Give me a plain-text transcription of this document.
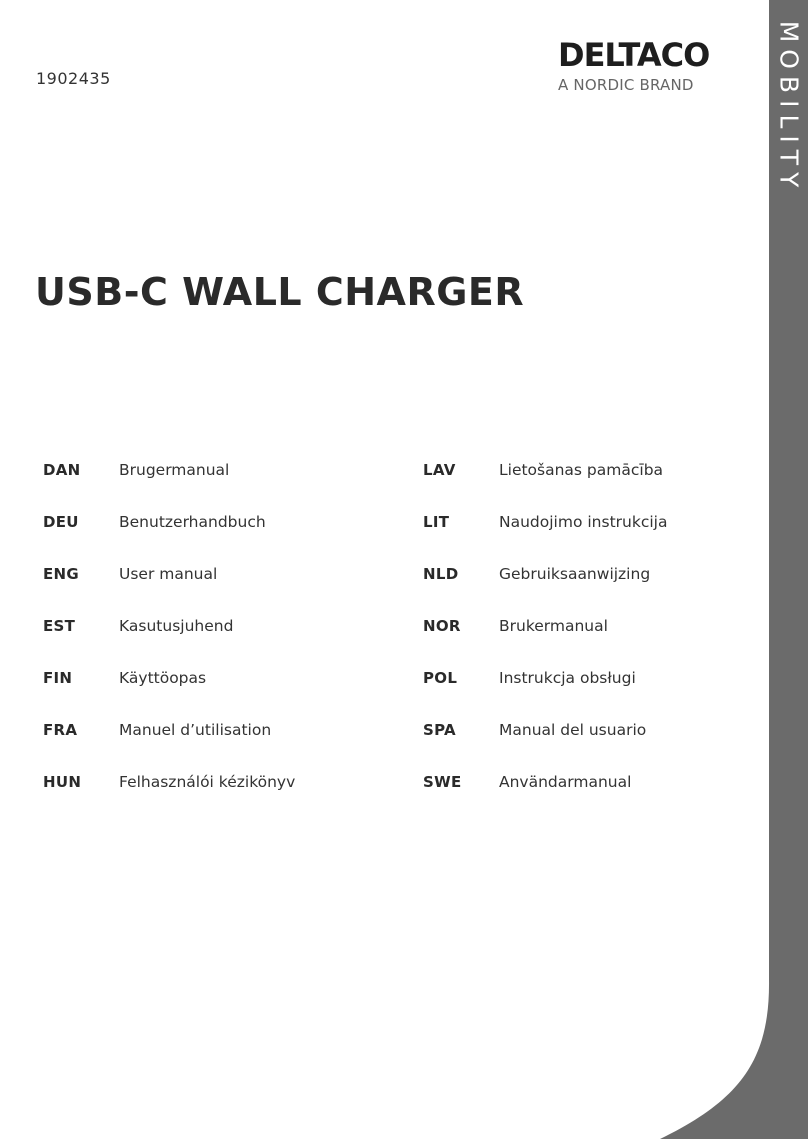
MOBILITY
1902435
DELTACO
A NORDIC BRAND
USB-C WALL CHARGER
DAN	Brugermanual
DEU	Benutzerhandbuch
ENG	User manual
EST	Kasutusjuhend
FIN	Käyttöopas
FRA	Manuel d’utilisation
HUN	Felhasználói kézikönyv
LAV	Lietošanas pamācība
LIT	Naudojimo instrukcija
NLD	Gebruiksaanwijzing
NOR	Brukermanual
POL	Instrukcja obsługi
SPA	Manual del usuario
SWE	Användarmanual
